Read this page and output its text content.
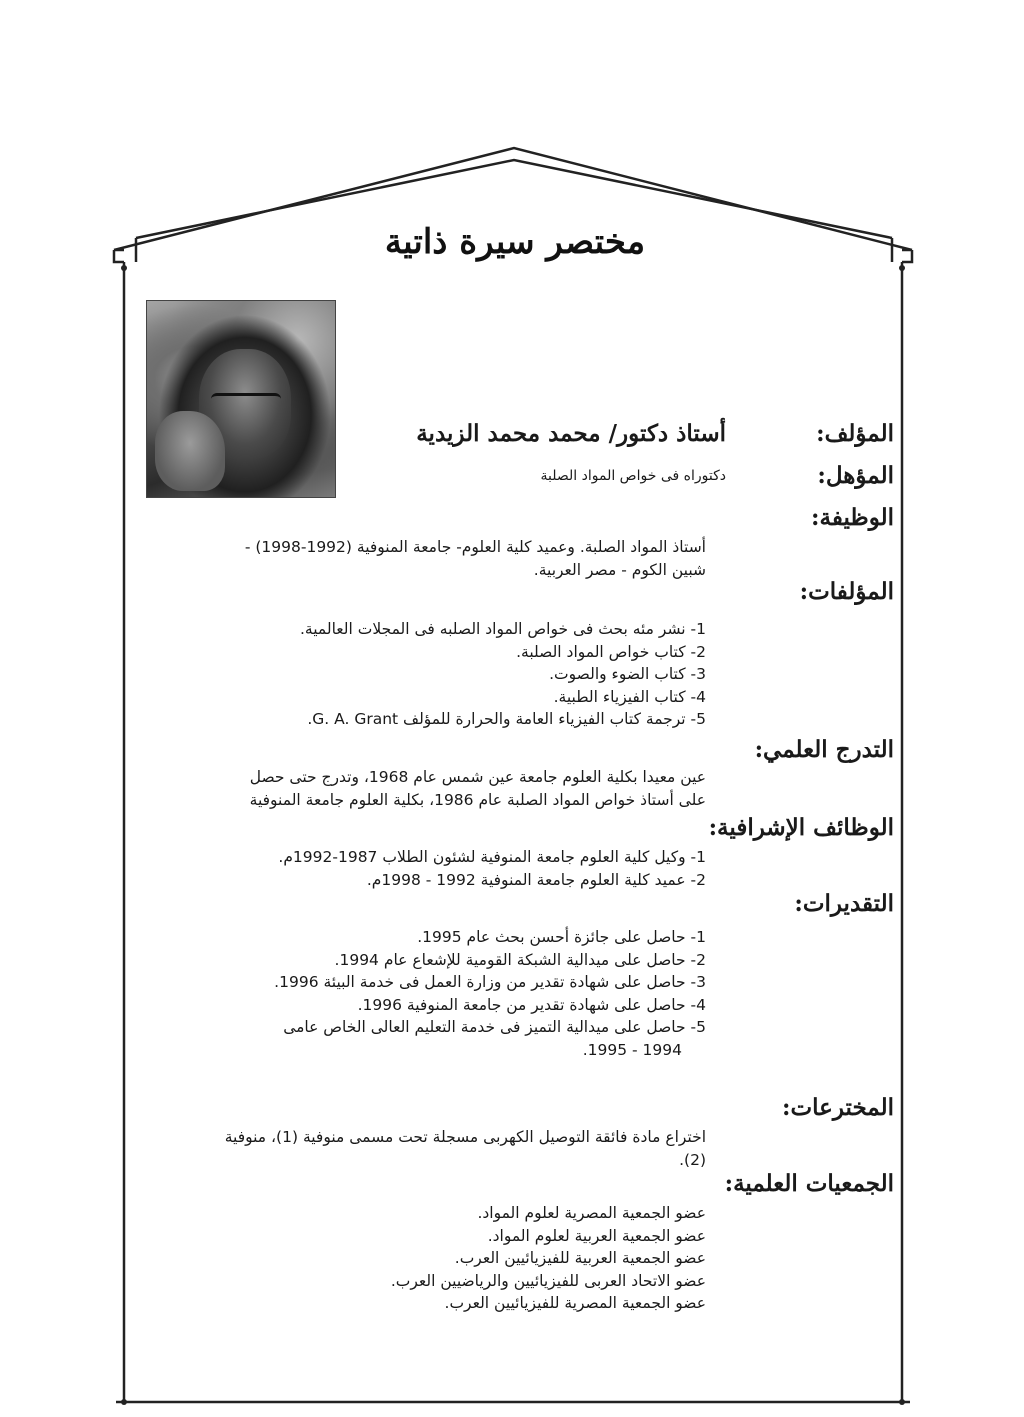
مختصر سيرة ذاتية
المؤلف:
أستاذ دكتور/ محمد محمد الزيدية
المؤهل:
دكتوراه فى خواص المواد الصلبة
الوظيفة:
أستاذ المواد الصلبة. وعميد كلية العلوم- جامعة المنوفية (1992-1998) -
شبين الكوم - مصر العربية.
المؤلفات:
1- نشر مئه بحث فى خواص المواد الصلبه فى المجلات العالمية.
2- كتاب خواص المواد الصلبة.
3- كتاب الضوء والصوت.
4- كتاب الفيزياء الطبية.
5- ترجمة كتاب الفيزياء العامة والحرارة للمؤلف G. A. Grant.
التدرج العلمي:
عين معيدا بكلية العلوم جامعة عين شمس عام 1968، وتدرج حتى حصل
على أستاذ خواص المواد الصلبة عام 1986، بكلية العلوم جامعة المنوفية
الوظائف الإشرافية:
1- وكيل كلية العلوم جامعة المنوفية لشئون الطلاب 1987-1992م.
2- عميد كلية العلوم جامعة المنوفية 1992 - 1998م.
التقديرات:
1- حاصل على جائزة أحسن بحث عام 1995.
2- حاصل على ميدالية الشبكة القومية للإشعاع عام 1994.
3- حاصل على شهادة تقدير من وزارة العمل فى خدمة البيئة 1996.
4- حاصل على شهادة تقدير من جامعة المنوفية 1996.
5- حاصل على ميدالية التميز فى خدمة التعليم العالى الخاص عامى
1994 - 1995.
المخترعات:
اختراع مادة فائقة التوصيل الكهربى مسجلة تحت مسمى منوفية (1)، منوفية
(2).
الجمعيات العلمية:
عضو الجمعية المصرية لعلوم المواد.
عضو الجمعية العربية لعلوم المواد.
عضو الجمعية العربية للفيزيائيين العرب.
عضو الاتحاد العربى للفيزيائيين والرياضيين العرب.
عضو الجمعية المصرية للفيزيائيين العرب.
